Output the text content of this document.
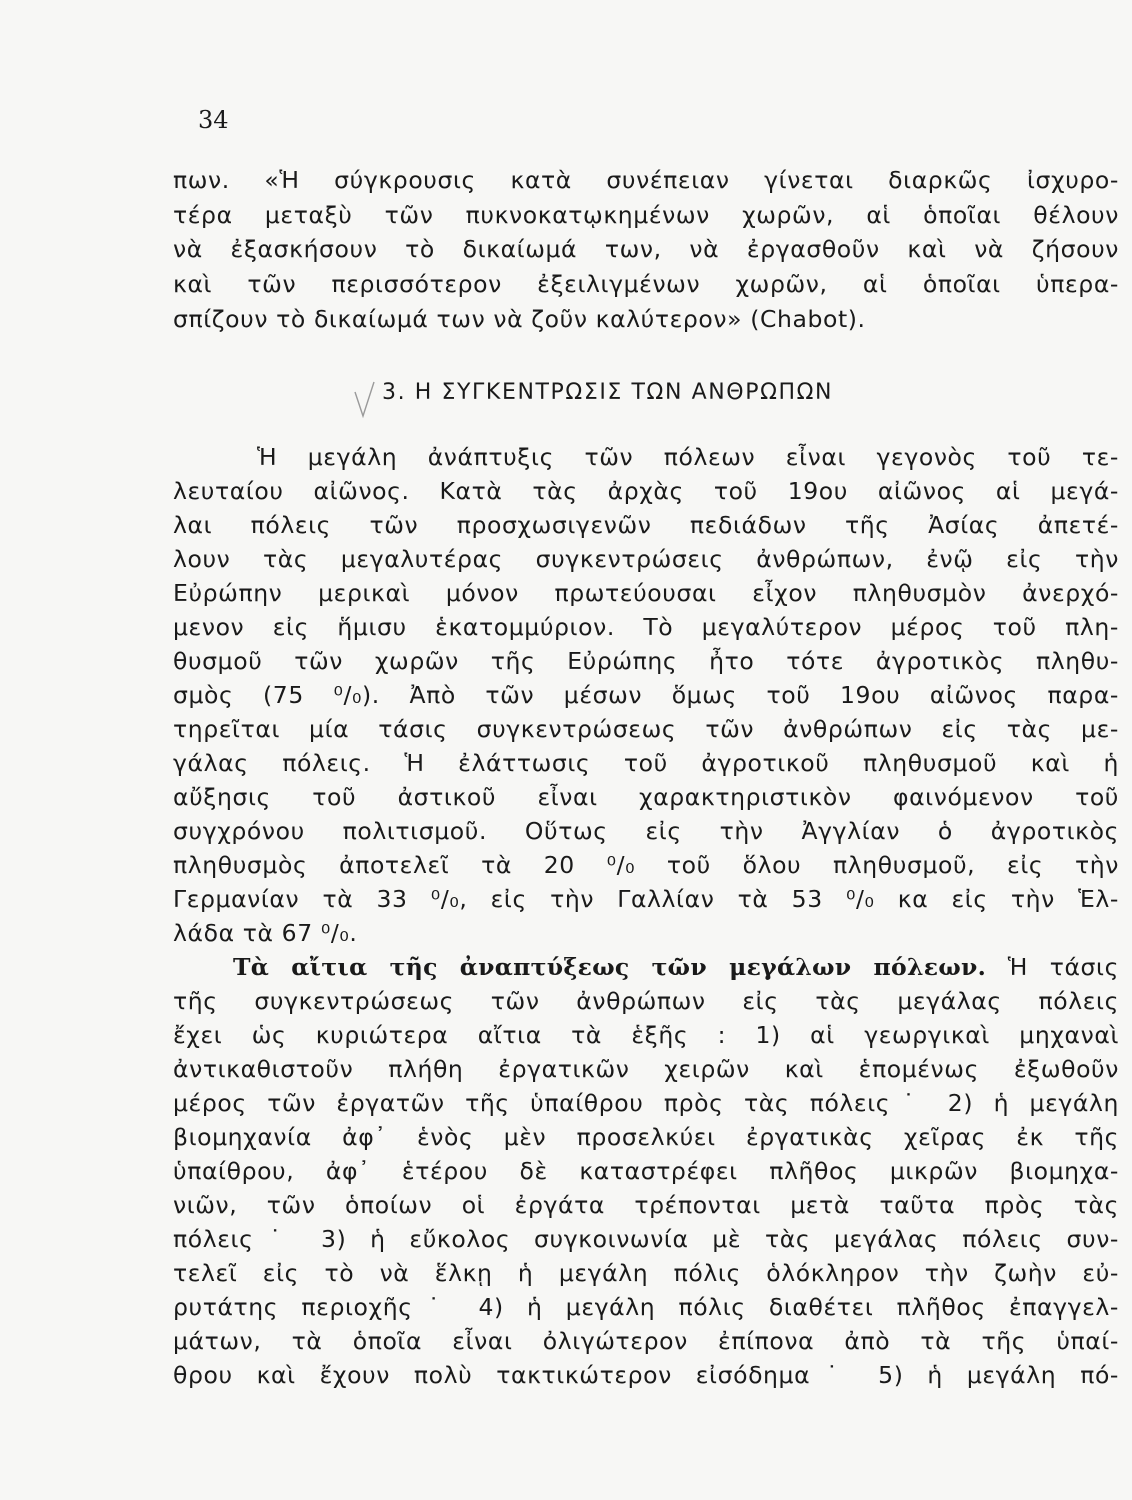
34
πων. «Ἡ σύγκρουσις κατὰ συνέπειαν γίνεται διαρκῶς ἰσχυρο-
τέρα μεταξὺ τῶν πυκνοκατῳκημένων χωρῶν, αἱ ὁποῖαι θέλουν
νὰ ἐξασκήσουν τὸ δικαίωμά των, νὰ ἐργασθοῦν καὶ νὰ ζήσουν
καὶ τῶν περισσότερον ἐξειλιγμένων χωρῶν, αἱ ὁποῖαι ὑπερα-
σπίζουν τὸ δικαίωμά των νὰ ζοῦν καλύτερον» (Chabot).
3. Η ΣΥΓΚΕΝΤΡΩΣΙΣ ΤΩΝ ΑΝΘΡΩΠΩΝ
Ἡ μεγάλη ἀνάπτυξις τῶν πόλεων εἶναι γεγονὸς τοῦ τε-
λευταίου αἰῶνος. Κατὰ τὰς ἀρχὰς τοῦ 19ου αἰῶνος αἱ μεγά-
λαι πόλεις τῶν προσχωσιγενῶν πεδιάδων τῆς Ἀσίας ἀπετέ-
λουν τὰς μεγαλυτέρας συγκεντρώσεις ἀνθρώπων, ἐνῷ εἰς τὴν
Εὐρώπην μερικαὶ μόνον πρωτεύουσαι εἶχον πληθυσμὸν ἀνερχό-
μενον εἰς ἥμισυ ἑκατομμύριον. Τὸ μεγαλύτερον μέρος τοῦ πλη-
θυσμοῦ τῶν χωρῶν τῆς Εὐρώπης ἦτο τότε ἀγροτικὸς πληθυ-
σμὸς (75 ⁰/₀). Ἀπὸ τῶν μέσων ὅμως τοῦ 19ου αἰῶνος παρα-
τηρεῖται μία τάσις συγκεντρώσεως τῶν ἀνθρώπων εἰς τὰς με-
γάλας πόλεις. Ἡ ἐλάττωσις τοῦ ἀγροτικοῦ πληθυσμοῦ καὶ ἡ
αὔξησις τοῦ ἀστικοῦ εἶναι χαρακτηριστικὸν φαινόμενον τοῦ
συγχρόνου πολιτισμοῦ. Οὕτως εἰς τὴν Ἀγγλίαν ὁ ἀγροτικὸς
πληθυσμὸς ἀποτελεῖ τὰ 20 ⁰/₀ τοῦ ὅλου πληθυσμοῦ, εἰς τὴν
Γερμανίαν τὰ 33 ⁰/₀, εἰς τὴν Γαλλίαν τὰ 53 ⁰/₀ κα εἰς τὴν Ἑλ-
λάδα τὰ 67 ⁰/₀.
Τὰ αἴτια τῆς ἀναπτύξεως τῶν μεγάλων πόλεων. Ἡ τάσις
τῆς συγκεντρώσεως τῶν ἀνθρώπων εἰς τὰς μεγάλας πόλεις
ἔχει ὡς κυριώτερα αἴτια τὰ ἑξῆς : 1) αἱ γεωργικαὶ μηχαναὶ
ἀντικαθιστοῦν πλήθη ἐργατικῶν χειρῶν καὶ ἑπομένως ἐξωθοῦν
μέρος τῶν ἐργατῶν τῆς ὑπαίθρου πρὸς τὰς πόλεις˙ 2) ἡ μεγάλη
βιομηχανία ἀφ᾽ ἑνὸς μὲν προσελκύει ἐργατικὰς χεῖρας ἐκ τῆς
ὑπαίθρου, ἀφ᾽ ἑτέρου δὲ καταστρέφει πλῆθος μικρῶν βιομηχα-
νιῶν, τῶν ὁποίων οἱ ἐργάτα τρέπονται μετὰ ταῦτα πρὸς τὰς
πόλεις˙ 3) ἡ εὔκολος συγκοινωνία μὲ τὰς μεγάλας πόλεις συν-
τελεῖ εἰς τὸ νὰ ἕλκῃ ἡ μεγάλη πόλις ὁλόκληρον τὴν ζωὴν εὐ-
ρυτάτης περιοχῆς˙ 4) ἡ μεγάλη πόλις διαθέτει πλῆθος ἐπαγγελ-
μάτων, τὰ ὁποῖα εἶναι ὀλιγώτερον ἐπίπονα ἀπὸ τὰ τῆς ὑπαί-
θρου καὶ ἔχουν πολὺ τακτικώτερον εἰσόδημα˙ 5) ἡ μεγάλη πό-
